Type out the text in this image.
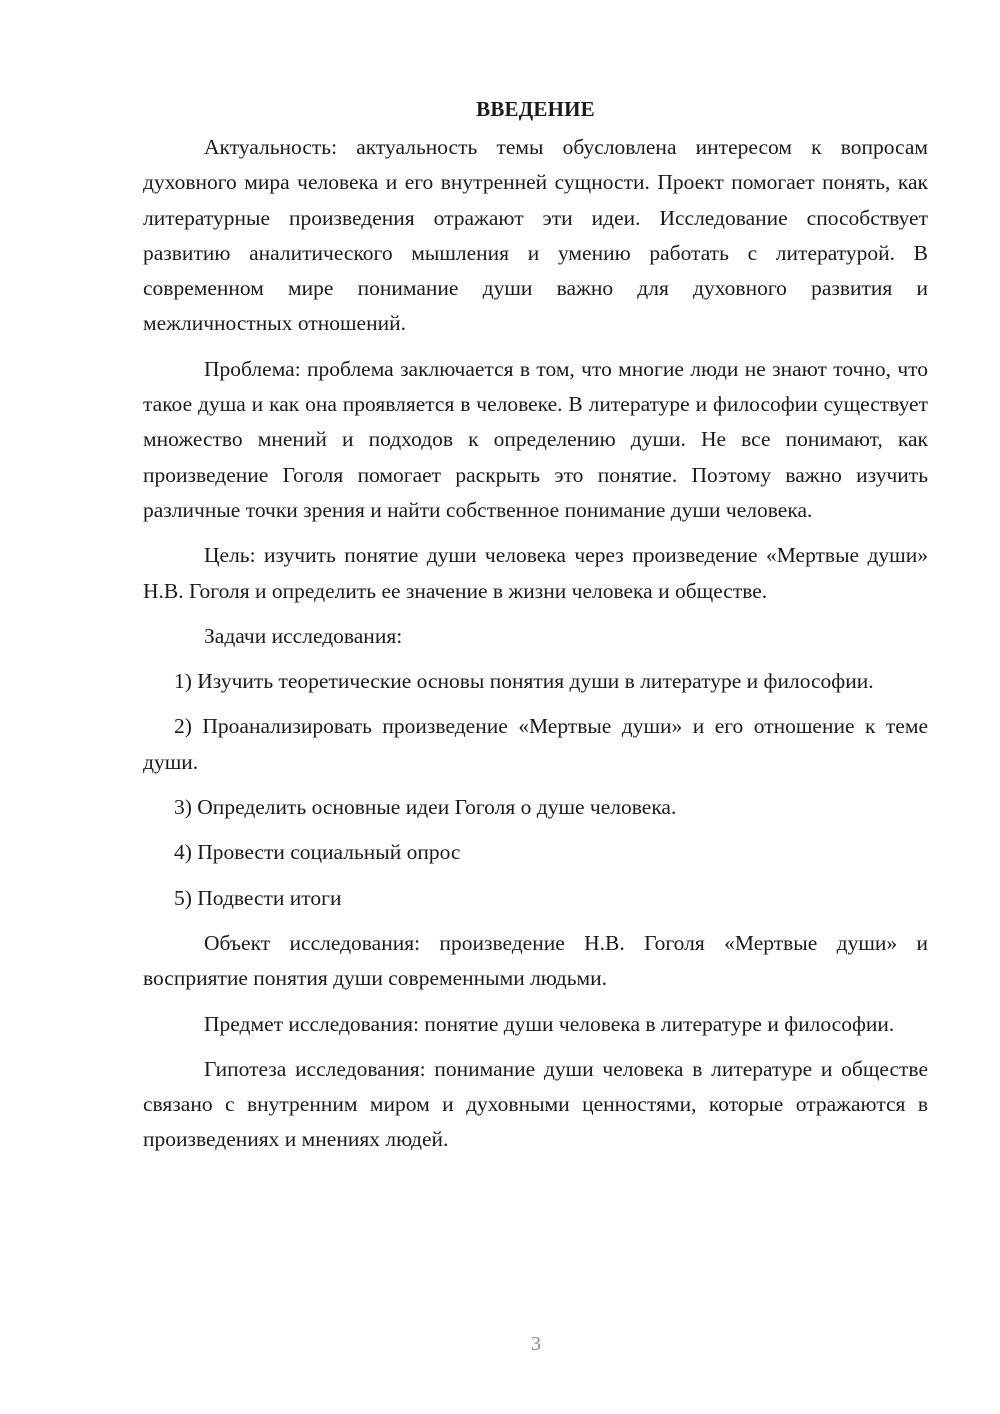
ВВЕДЕНИЕ

Актуальность: актуальность темы обусловлена интересом к вопросам духовного мира человека и его внутренней сущности. Проект помогает понять, как литературные произведения отражают эти идеи. Исследование способствует развитию аналитического мышления и умению работать с литературой. В современном мире понимание души важно для духовного развития и межличностных отношений.

Проблема: проблема заключается в том, что многие люди не знают точно, что такое душа и как она проявляется в человеке. В литературе и философии существует множество мнений и подходов к определению души. Не все понимают, как произведение Гоголя помогает раскрыть это понятие. Поэтому важно изучить различные точки зрения и найти собственное понимание души человека.

Цель: изучить понятие души человека через произведение «Мертвые души» Н.В. Гоголя и определить ее значение в жизни человека и обществе.

Задачи исследования:

1) Изучить теоретические основы понятия души в литературе и философии.

2) Проанализировать произведение «Мертвые души» и его отношение к теме души.

3) Определить основные идеи Гоголя о душе человека.

4) Провести социальный опрос

5) Подвести итоги

Объект исследования: произведение Н.В. Гоголя «Мертвые души» и восприятие понятия души современными людьми.

Предмет исследования: понятие души человека в литературе и философии.

Гипотеза исследования: понимание души человека в литературе и обществе связано с внутренним миром и духовными ценностями, которые отражаются в произведениях и мнениях людей.

3
